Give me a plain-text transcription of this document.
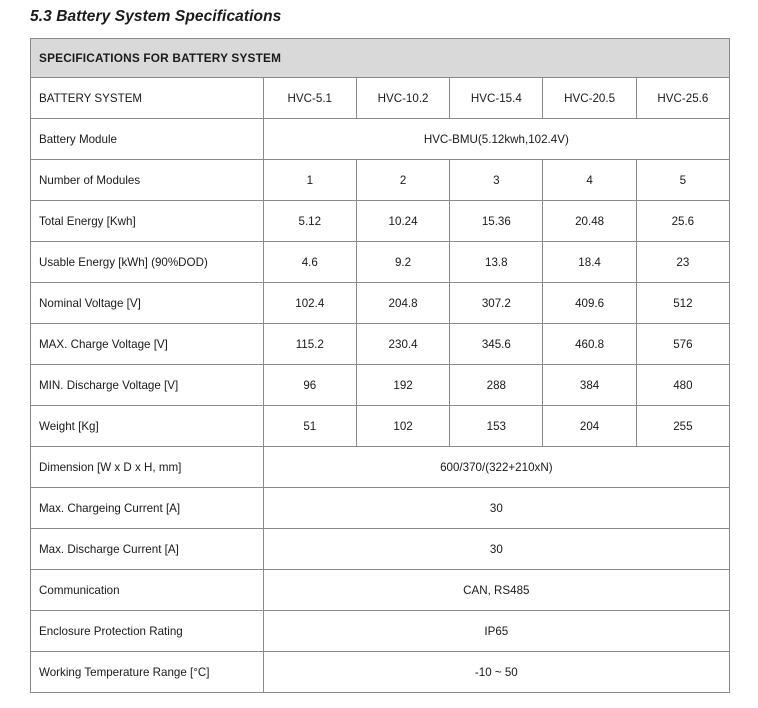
5.3 Battery System Specifications
SPECIFICATIONS FOR BATTERY SYSTEM					
BATTERY SYSTEM	HVC-5.1	HVC-10.2	HVC-15.4	HVC-20.5	HVC-25.6
Battery Module	HVC-BMU(5.12kwh,102.4V)				
Number of Modules	1	2	3	4	5
Total Energy [Kwh]	5.12	10.24	15.36	20.48	25.6
Usable Energy [kWh] (90%DOD)	4.6	9.2	13.8	18.4	23
Nominal Voltage [V]	102.4	204.8	307.2	409.6	512
MAX. Charge Voltage [V]	115.2	230.4	345.6	460.8	576
MIN. Discharge Voltage [V]	96	192	288	384	480
Weight [Kg]	51	102	153	204	255
Dimension [W x D x H, mm]	600/370/(322+210xN)				
Max. Chargeing Current [A]	30				
Max. Discharge Current [A]	30				
Communication	CAN, RS485				
Enclosure Protection Rating	IP65				
Working Temperature Range [°C]	-10 ~ 50				
